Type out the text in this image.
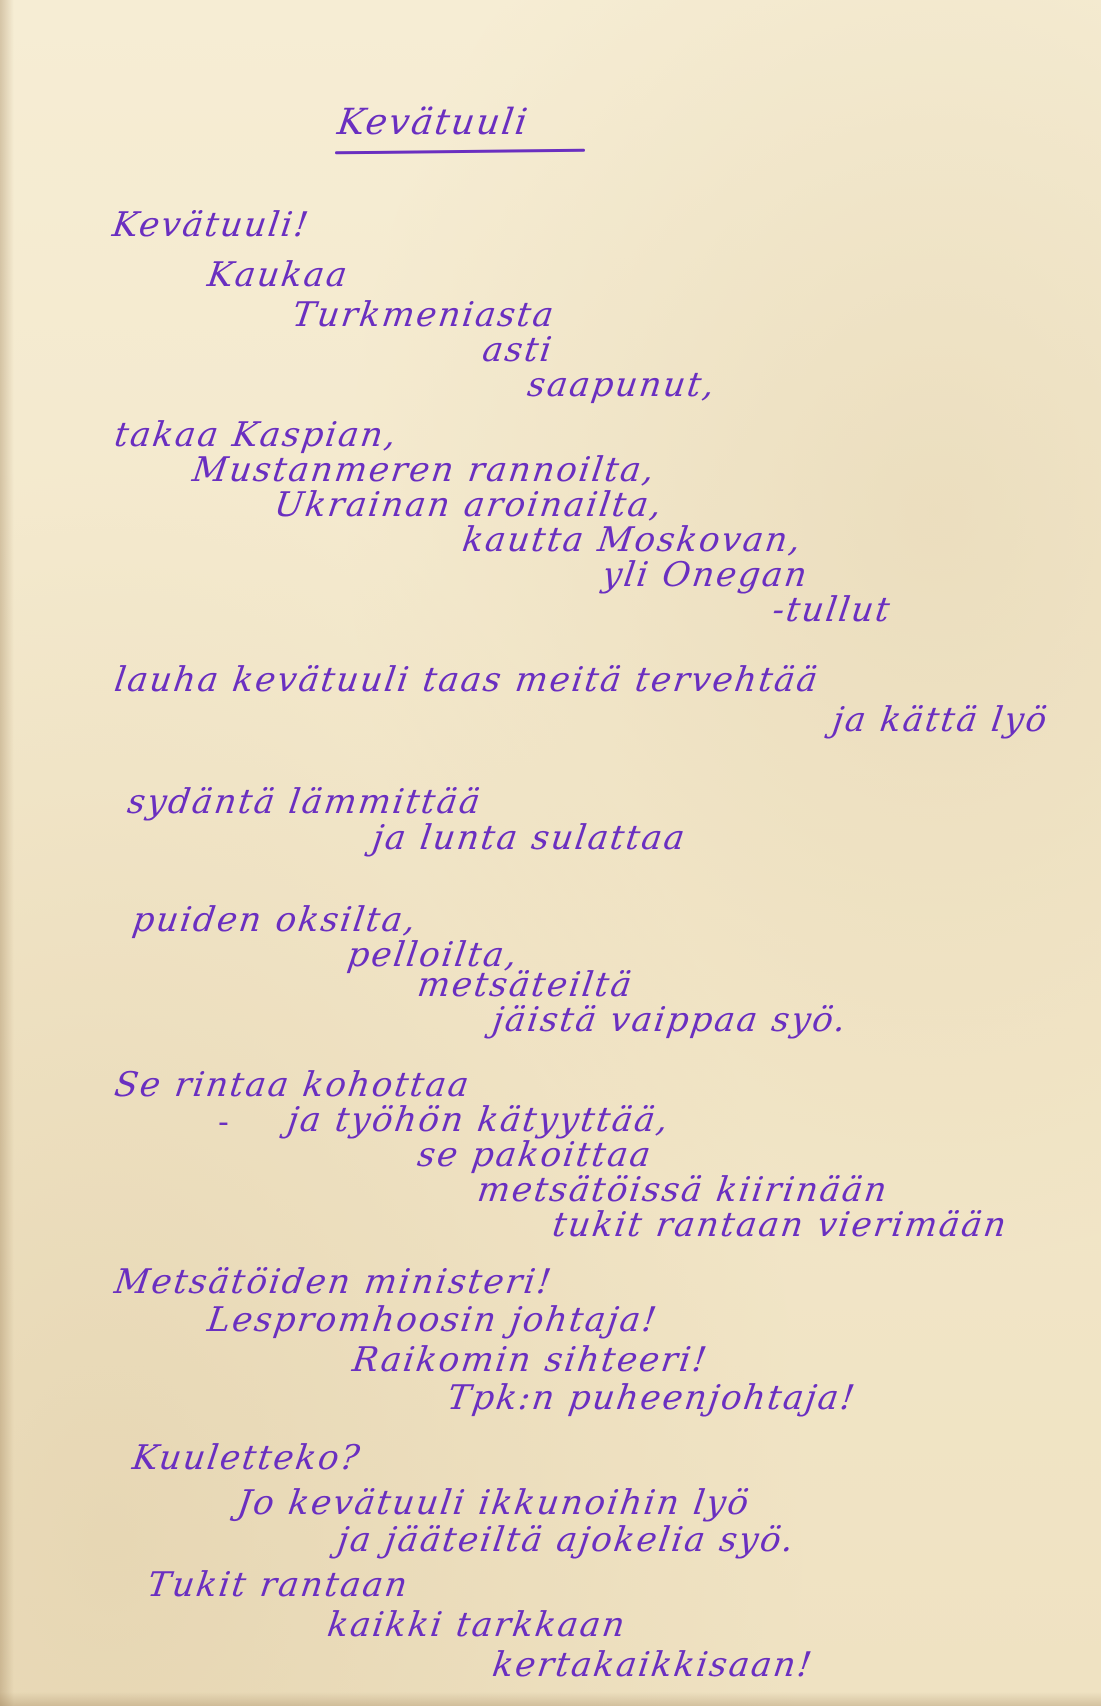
Kevätuuli
Kevätuuli!
Kaukaa
Turkmeniasta
asti
saapunut,
takaa Kaspian,
Mustanmeren rannoilta,
Ukrainan aroinailta,
kautta Moskovan,
yli Onegan
-tullut
lauha kevätuuli taas meitä tervehtää
ja kättä lyö
sydäntä lämmittää
ja lunta sulattaa
puiden oksilta,
pelloilta,
metsäteiltä
jäistä vaippaa syö.
Se rintaa kohottaa
- ja työhön kätyyttää,
se pakoittaa
metsätöissä kiirinään
tukit rantaan vierimään
Metsätöiden ministeri!
Lespromhoosin johtaja!
Raikomin sihteeri!
Tpk:n puheenjohtaja!
Kuuletteko?
Jo kevätuuli ikkunoihin lyö
ja jääteiltä ajokelia syö.
Tukit rantaan
kaikki tarkkaan
kertakaikkisaan!
